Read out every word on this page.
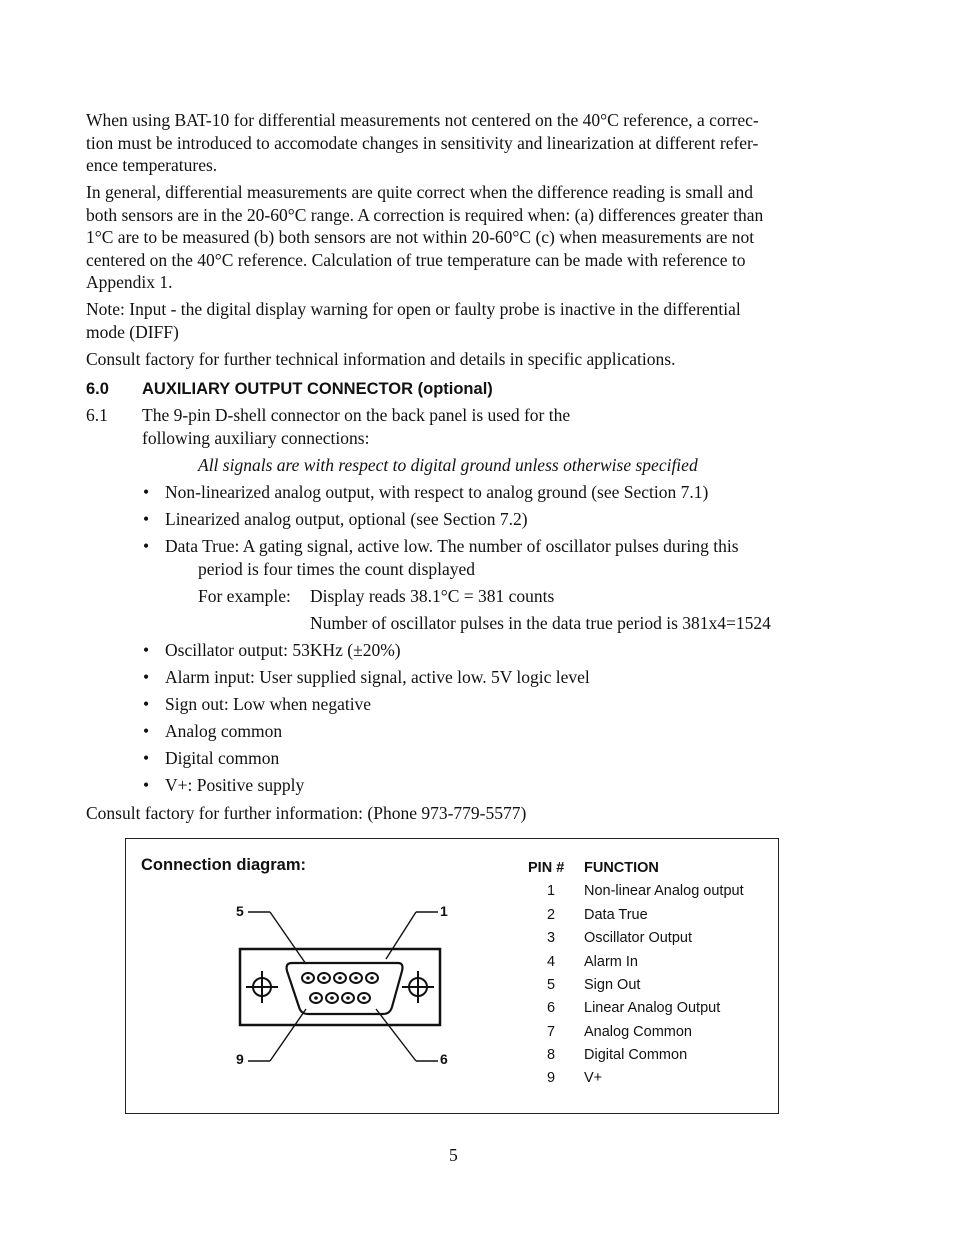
When using BAT-10 for differential measurements not centered on the 40°C reference, a correc-
tion must be introduced to accomodate changes in sensitivity and linearization at different refer-
ence temperatures.
In general, differential measurements are quite correct when the difference reading is small and
both sensors are in the 20-60°C range. A correction is required when: (a) differences greater than
1°C are to be measured (b) both sensors are not within 20-60°C (c) when measurements are not
centered on the 40°C reference. Calculation of true temperature can be made with reference to
Appendix 1.
Note: Input - the digital display warning for open or faulty probe is inactive in the differential
mode (DIFF)
Consult factory for further technical information and details in specific applications.
6.0 AUXILIARY OUTPUT CONNECTOR (optional)
6.1 The 9-pin D-shell connector on the back panel is used for the
following auxiliary connections:
All signals are with respect to digital ground unless otherwise specified
• Non-linearized analog output, with respect to analog ground (see Section 7.1)
• Linearized analog output, optional (see Section 7.2)
• Data True: A gating signal, active low. The number of oscillator pulses during this
period is four times the count displayed
For example: Display reads 38.1°C = 381 counts
Number of oscillator pulses in the data true period is 381x4=1524
• Oscillator output: 53KHz (±20%)
• Alarm input: User supplied signal, active low. 5V logic level
• Sign out: Low when negative
• Analog common
• Digital common
• V+: Positive supply
Consult factory for further information: (Phone 973-779-5577)
Connection diagram:
5	1
9	6
PIN # FUNCTION
1	Non-linear Analog output
2	Data True
3	Oscillator Output
4	Alarm In
5	Sign Out
6	Linear Analog Output
7	Analog Common
8	Digital Common
9	V+
5
